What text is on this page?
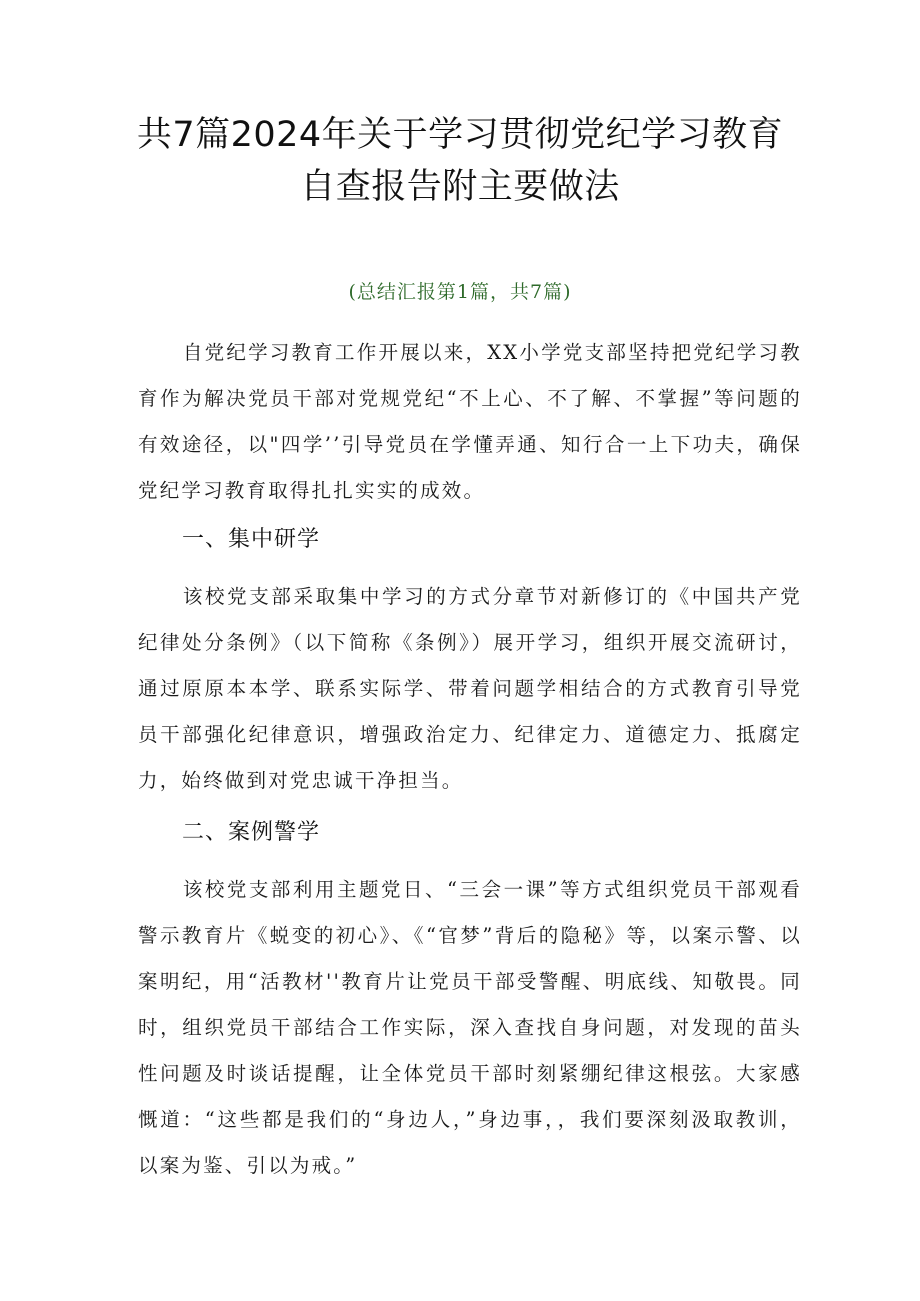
共7篇2024年关于学习贯彻党纪学习教育
自查报告附主要做法
(总结汇报第1篇，共7篇)

自党纪学习教育工作开展以来，XX小学党支部坚持把党纪学习教育作为解决党员干部对党规党纪“不上心、不了解、不掌握”等问题的有效途径，以"四学’’引导党员在学懂弄通、知行合一上下功夫，确保党纪学习教育取得扎扎实实的成效。

一、集中研学

该校党支部采取集中学习的方式分章节对新修订的《中国共产党纪律处分条例》（以下简称《条例》）展开学习，组织开展交流研讨，通过原原本本学、联系实际学、带着问题学相结合的方式教育引导党员干部强化纪律意识，增强政治定力、纪律定力、道德定力、抵腐定力，始终做到对党忠诚干净担当。

二、案例警学

该校党支部利用主题党日、“三会一课”等方式组织党员干部观看警示教育片《蜕变的初心》、《“官梦”背后的隐秘》等，以案示警、以案明纪，用“活教材''教育片让党员干部受警醒、明底线、知敬畏。同时，组织党员干部结合工作实际，深入查找自身问题，对发现的苗头性问题及时谈话提醒，让全体党员干部时刻紧绷纪律这根弦。大家感慨道：“这些都是我们的“身边人，”身边事，，我们要深刻汲取教训，以案为鉴、引以为戒。”
